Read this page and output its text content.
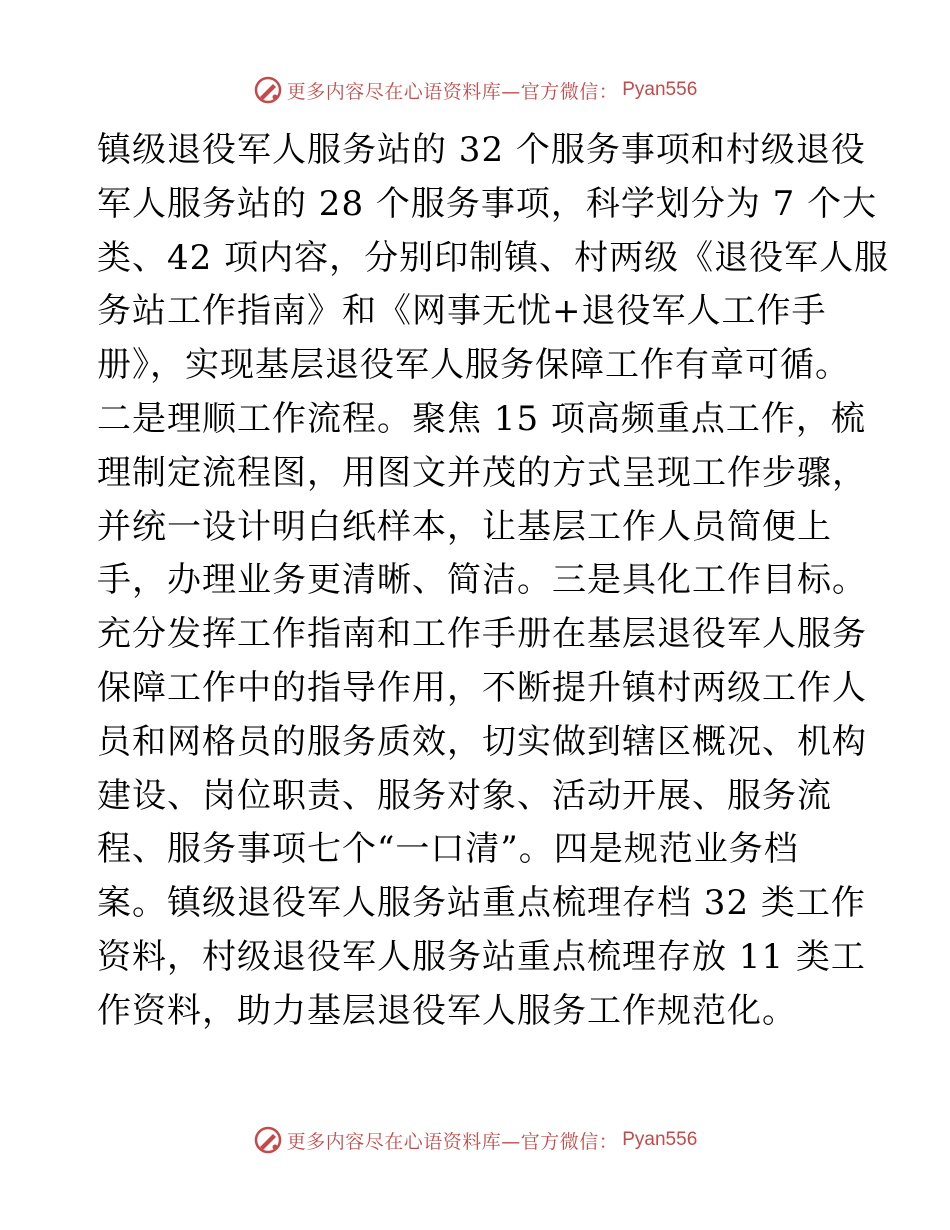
更多内容尽在心语资料库—官方微信： Pyan556
镇级退役军人服务站的 32 个服务事项和村级退役
军人服务站的 28 个服务事项，科学划分为 7 个大
类、42 项内容，分别印制镇、村两级《退役军人服
务站工作指南》和《网事无忧+退役军人工作手
册》，实现基层退役军人服务保障工作有章可循。
二是理顺工作流程。聚焦 15 项高频重点工作，梳
理制定流程图，用图文并茂的方式呈现工作步骤，
并统一设计明白纸样本，让基层工作人员简便上
手，办理业务更清晰、简洁。三是具化工作目标。
充分发挥工作指南和工作手册在基层退役军人服务
保障工作中的指导作用，不断提升镇村两级工作人
员和网格员的服务质效，切实做到辖区概况、机构
建设、岗位职责、服务对象、活动开展、服务流
程、服务事项七个“一口清”。四是规范业务档
案。镇级退役军人服务站重点梳理存档 32 类工作
资料，村级退役军人服务站重点梳理存放 11 类工
作资料，助力基层退役军人服务工作规范化。
更多内容尽在心语资料库—官方微信： Pyan556
